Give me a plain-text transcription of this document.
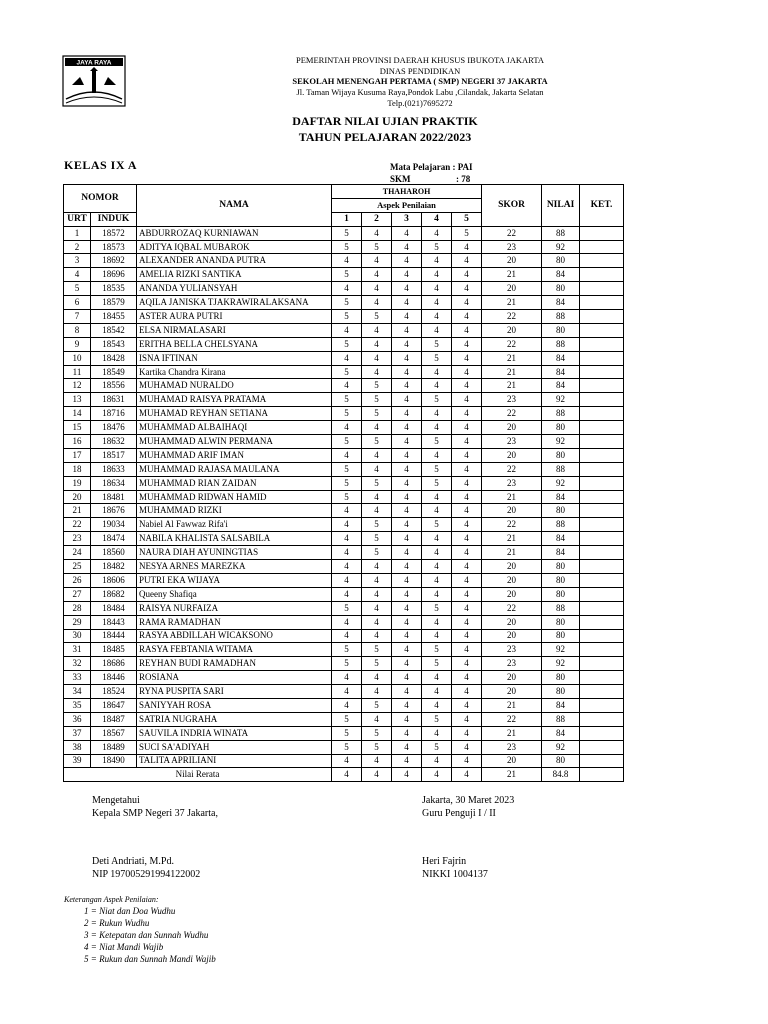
JAYA RAYA	PEMERINTAH PROVINSI DAERAH KHUSUS IBUKOTA JAKARTA
DINAS PENDIDIKAN
SEKOLAH MENENGAH PERTAMA ( SMP) NEGERI 37 JAKARTA
Jl. Taman Wijaya Kusuma Raya,Pondok Labu ,Cilandak, Jakarta Selatan
Telp.(021)7695272
DAFTAR NILAI UJIAN PRAKTIK
TAHUN PELAJARAN 2022/2023
KELAS IX A	Mata Pelajaran : PAI
SKM	: 78
NOMOR		NAMA	THAHAROH					SKOR	NILAI	KET.
			Aspek Penilaian							
URT	INDUK		1	2	3	4	5			
1	18572	ABDURROZAQ KURNIAWAN	5	4	4	4	5	22	88	
2	18573	ADITYA IQBAL MUBAROK	5	5	4	5	4	23	92	
3	18692	ALEXANDER ANANDA PUTRA	4	4	4	4	4	20	80	
4	18696	AMELIA RIZKI SANTIKA	5	4	4	4	4	21	84	
5	18535	ANANDA YULIANSYAH	4	4	4	4	4	20	80	
6	18579	AQILA JANISKA TJAKRAWIRALAKSANA	5	4	4	4	4	21	84	
7	18455	ASTER AURA PUTRI	5	5	4	4	4	22	88	
8	18542	ELSA NIRMALASARI	4	4	4	4	4	20	80	
9	18543	ERITHA BELLA CHELSYANA	5	4	4	5	4	22	88	
10	18428	ISNA IFTINAN	4	4	4	5	4	21	84	
11	18549	Kartika Chandra Kirana	5	4	4	4	4	21	84	
12	18556	MUHAMAD NURALDO	4	5	4	4	4	21	84	
13	18631	MUHAMAD RAISYA PRATAMA	5	5	4	5	4	23	92	
14	18716	MUHAMAD REYHAN SETIANA	5	5	4	4	4	22	88	
15	18476	MUHAMMAD ALBAIHAQI	4	4	4	4	4	20	80	
16	18632	MUHAMMAD ALWIN PERMANA	5	5	4	5	4	23	92	
17	18517	MUHAMMAD ARIF IMAN	4	4	4	4	4	20	80	
18	18633	MUHAMMAD RAJASA MAULANA	5	4	4	5	4	22	88	
19	18634	MUHAMMAD RIAN ZAIDAN	5	5	4	5	4	23	92	
20	18481	MUHAMMAD RIDWAN HAMID	5	4	4	4	4	21	84	
21	18676	MUHAMMAD RIZKI	4	4	4	4	4	20	80	
22	19034	Nabiel Al Fawwaz Rifa'i	4	5	4	5	4	22	88	
23	18474	NABILA KHALISTA SALSABILA	4	5	4	4	4	21	84	
24	18560	NAURA DIAH AYUNINGTIAS	4	5	4	4	4	21	84	
25	18482	NESYA ARNES MAREZKA	4	4	4	4	4	20	80	
26	18606	PUTRI EKA WIJAYA	4	4	4	4	4	20	80	
27	18682	Queeny Shafiqa	4	4	4	4	4	20	80	
28	18484	RAISYA NURFAIZA	5	4	4	5	4	22	88	
29	18443	RAMA RAMADHAN	4	4	4	4	4	20	80	
30	18444	RASYA ABDILLAH WICAKSONO	4	4	4	4	4	20	80	
31	18485	RASYA FEBTANIA WITAMA	5	5	4	5	4	23	92	
32	18686	REYHAN BUDI RAMADHAN	5	5	4	5	4	23	92	
33	18446	ROSIANA	4	4	4	4	4	20	80	
34	18524	RYNA PUSPITA SARI	4	4	4	4	4	20	80	
35	18647	SANIYYAH ROSA	4	5	4	4	4	21	84	
36	18487	SATRIA NUGRAHA	5	4	4	5	4	22	88	
37	18567	SAUVILA INDRIA WINATA	5	5	4	4	4	21	84	
38	18489	SUCI SA'ADIYAH	5	5	4	5	4	23	92	
39	18490	TALITA APRILIANI	4	4	4	4	4	20	80	
Nilai Rerata			4	4	4	4	4	21	84.8	
Mengetahui
Kepala SMP Negeri 37 Jakarta,
Deti Andriati, M.Pd.
NIP 197005291994122002
Jakarta, 30 Maret 2023
Guru Penguji I / II
Heri Fajrin
NIKKI 1004137
Keterangan Aspek Penilaian:
1 = Niat dan Doa Wudhu
2 = Rukun Wudhu
3 = Ketepatan dan Sunnah Wudhu
4 = Niat Mandi Wajib
5 = Rukun dan Sunnah Mandi Wajib
